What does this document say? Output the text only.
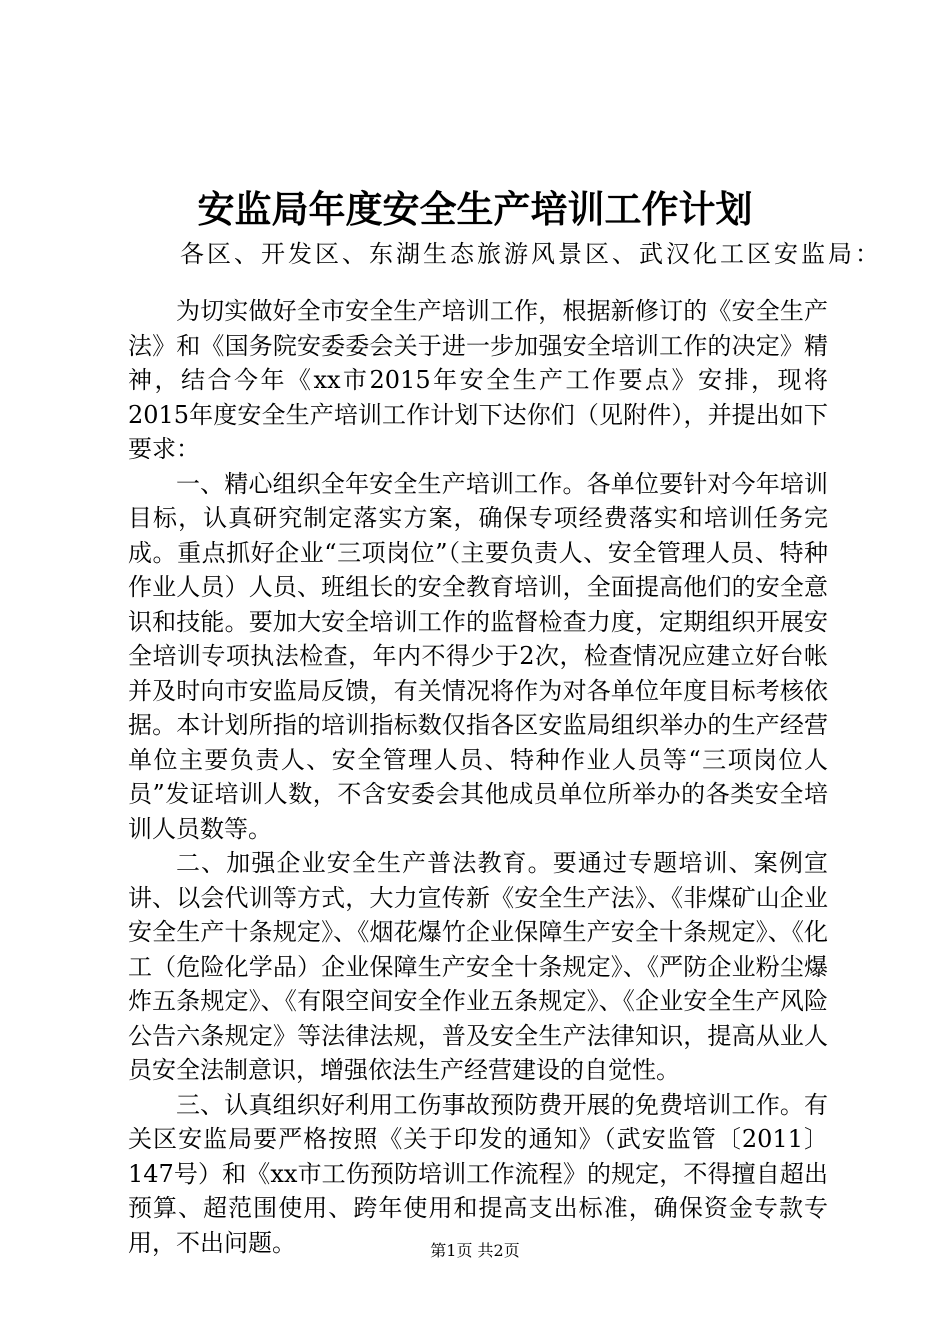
安监局年度安全生产培训工作计划

各区、开发区、东湖生态旅游风景区、武汉化工区安监局：

为切实做好全市安全生产培训工作，根据新修订的《安全生产法》和《国务院安委委会关于进一步加强安全培训工作的决定》精神，结合今年《xx市2015年安全生产工作要点》安排，现将2015年度安全生产培训工作计划下达你们（见附件），并提出如下要求：

一、精心组织全年安全生产培训工作。各单位要针对今年培训目标，认真研究制定落实方案，确保专项经费落实和培训任务完成。重点抓好企业“三项岗位”（主要负责人、安全管理人员、特种作业人员）人员、班组长的安全教育培训，全面提高他们的安全意识和技能。要加大安全培训工作的监督检查力度，定期组织开展安全培训专项执法检查，年内不得少于2次，检查情况应建立好台帐并及时向市安监局反馈，有关情况将作为对各单位年度目标考核依据。本计划所指的培训指标数仅指各区安监局组织举办的生产经营单位主要负责人、安全管理人员、特种作业人员等“三项岗位人员”发证培训人数，不含安委会其他成员单位所举办的各类安全培训人员数等。

二、加强企业安全生产普法教育。要通过专题培训、案例宣讲、以会代训等方式，大力宣传新《安全生产法》、《非煤矿山企业安全生产十条规定》、《烟花爆竹企业保障生产安全十条规定》、《化工（危险化学品）企业保障生产安全十条规定》、《严防企业粉尘爆炸五条规定》、《有限空间安全作业五条规定》、《企业安全生产风险公告六条规定》等法律法规，普及安全生产法律知识，提高从业人员安全法制意识，增强依法生产经营建设的自觉性。

三、认真组织好利用工伤事故预防费开展的免费培训工作。有关区安监局要严格按照《关于印发的通知》（武安监管〔2011〕147号）和《xx市工伤预防培训工作流程》的规定，不得擅自超出预算、超范围使用、跨年使用和提高支出标准，确保资金专款专用，不出问题。	第1页 共2页
